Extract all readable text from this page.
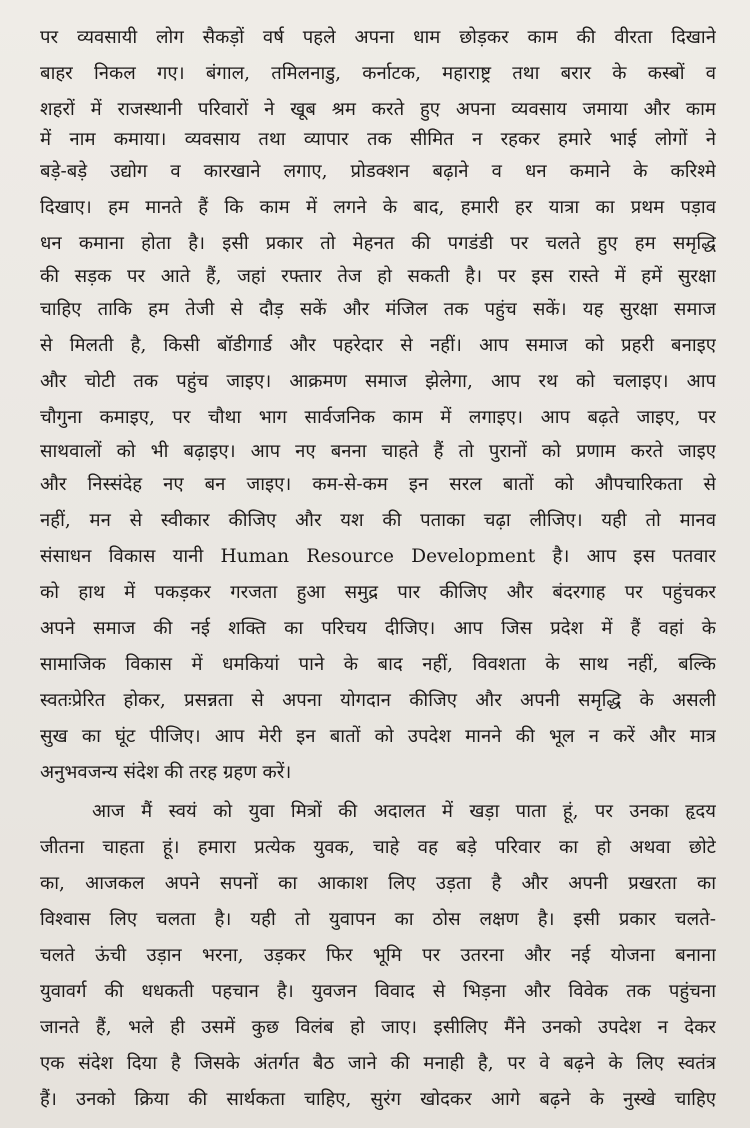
पर व्यवसायी लोग सैकड़ों वर्ष पहले अपना धाम छोड़कर काम की वीरता दिखाने
बाहर निकल गए। बंगाल, तमिलनाडु, कर्नाटक, महाराष्ट्र तथा बरार के कस्बों व
शहरों में राजस्थानी परिवारों ने खूब श्रम करते हुए अपना व्यवसाय जमाया और काम
में नाम कमाया। व्यवसाय तथा व्यापार तक सीमित न रहकर हमारे भाई लोगों ने
बड़े-बड़े उद्योग व कारखाने लगाए, प्रोडक्शन बढ़ाने व धन कमाने के करिश्मे
दिखाए। हम मानते हैं कि काम में लगने के बाद, हमारी हर यात्रा का प्रथम पड़ाव
धन कमाना होता है। इसी प्रकार तो मेहनत की पगडंडी पर चलते हुए हम समृद्धि
की सड़क पर आते हैं, जहां रफ्तार तेज हो सकती है। पर इस रास्ते में हमें सुरक्षा
चाहिए ताकि हम तेजी से दौड़ सकें और मंजिल तक पहुंच सकें। यह सुरक्षा समाज
से मिलती है, किसी बॉडीगार्ड और पहरेदार से नहीं। आप समाज को प्रहरी बनाइए
और चोटी तक पहुंच जाइए। आक्रमण समाज झेलेगा, आप रथ को चलाइए। आप
चौगुना कमाइए, पर चौथा भाग सार्वजनिक काम में लगाइए। आप बढ़ते जाइए, पर
साथवालों को भी बढ़ाइए। आप नए बनना चाहते हैं तो पुरानों को प्रणाम करते जाइए
और निस्संदेह नए बन जाइए। कम-से-कम इन सरल बातों को औपचारिकता से
नहीं, मन से स्वीकार कीजिए और यश की पताका चढ़ा लीजिए। यही तो मानव
संसाधन विकास यानी Human Resource Development है। आप इस पतवार
को हाथ में पकड़कर गरजता हुआ समुद्र पार कीजिए और बंदरगाह पर पहुंचकर
अपने समाज की नई शक्ति का परिचय दीजिए। आप जिस प्रदेश में हैं वहां के
सामाजिक विकास में धमकियां पाने के बाद नहीं, विवशता के साथ नहीं, बल्कि
स्वतःप्रेरित होकर, प्रसन्नता से अपना योगदान कीजिए और अपनी समृद्धि के असली
सुख का घूंट पीजिए। आप मेरी इन बातों को उपदेश मानने की भूल न करें और मात्र
अनुभवजन्य संदेश की तरह ग्रहण करें।
आज मैं स्वयं को युवा मित्रों की अदालत में खड़ा पाता हूं, पर उनका हृदय
जीतना चाहता हूं। हमारा प्रत्येक युवक, चाहे वह बड़े परिवार का हो अथवा छोटे
का, आजकल अपने सपनों का आकाश लिए उड़ता है और अपनी प्रखरता का
विश्वास लिए चलता है। यही तो युवापन का ठोस लक्षण है। इसी प्रकार चलते-
चलते ऊंची उड़ान भरना, उड़कर फिर भूमि पर उतरना और नई योजना बनाना
युवावर्ग की धधकती पहचान है। युवजन विवाद से भिड़ना और विवेक तक पहुंचना
जानते हैं, भले ही उसमें कुछ विलंब हो जाए। इसीलिए मैंने उनको उपदेश न देकर
एक संदेश दिया है जिसके अंतर्गत बैठ जाने की मनाही है, पर वे बढ़ने के लिए स्वतंत्र
हैं। उनको क्रिया की सार्थकता चाहिए, सुरंग खोदकर आगे बढ़ने के नुस्खे चाहिए
